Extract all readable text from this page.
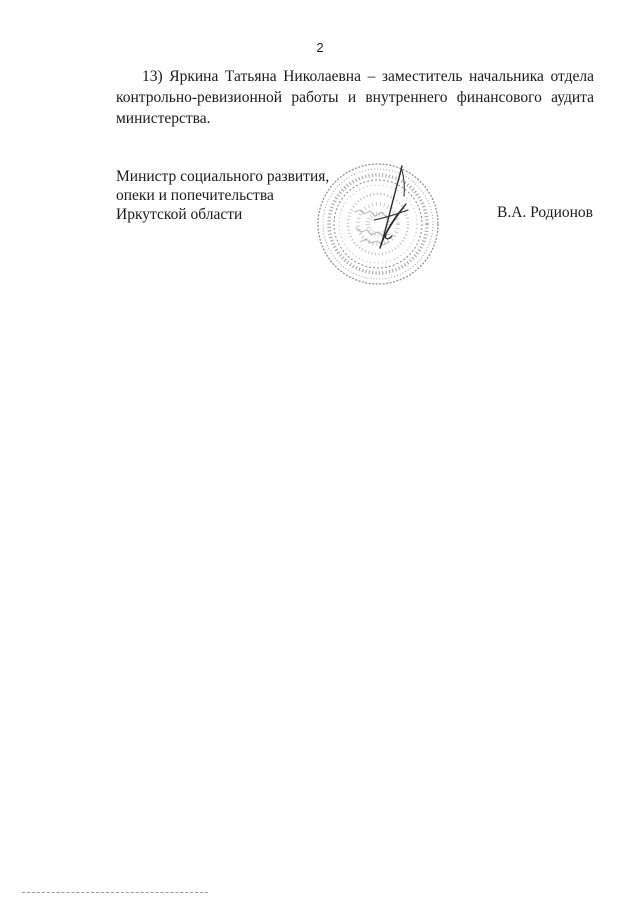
2
13) Яркина Татьяна Николаевна – заместитель начальника отдела
контрольно-ревизионной работы и внутреннего финансового аудита
министерства.
Министр социального развития,
опеки и попечительства
Иркутской области	В.А. Родионов
